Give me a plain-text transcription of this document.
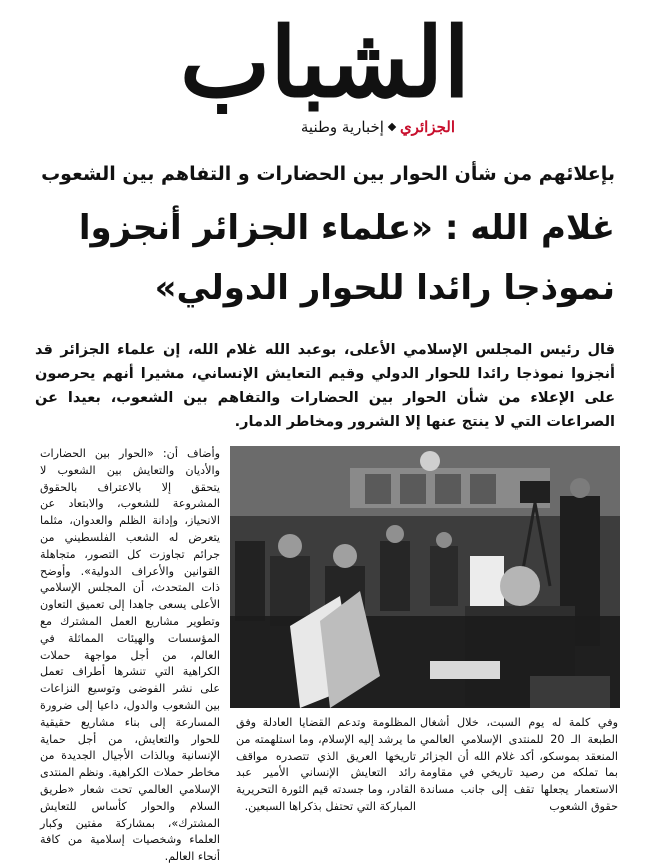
الشباب
الجزائريإخبارية وطنية
بإعلائهم من شأن الحوار بين الحضارات و التفاهم بين الشعوب
غلام الله : «علماء الجزائر أنجزوا
نموذجا رائدا للحوار الدولي»
قال رئيس المجلس الإسلامي الأعلى، بوعبد الله غلام الله، إن علماء الجزائر قد أنجزوا نموذجا رائدا للحوار الدولي وقيم التعايش الإنساني، مشيرا أنهم يحرصون على الإعلاء من شأن الحوار بين الحضارات والتفاهم بين الشعوب، بعيدا عن الصراعات التي لا ينتج عنها إلا الشرور ومخاطر الدمار.
وأضاف أن: «الحوار بين الحضارات والأديان والتعايش بين الشعوب لا يتحقق إلا بالاعتراف بالحقوق المشروعة للشعوب، والابتعاد عن الانحياز، وإدانة الظلم والعدوان، مثلما يتعرض له الشعب الفلسطيني من جرائم تجاوزت كل التصور، متجاهلة القوانين والأعراف الدولية». وأوضح ذات المتحدث، أن المجلس الإسلامي الأعلى يسعى جاهدا إلى تعميق التعاون وتطوير مشاريع العمل المشترك مع المؤسسات والهيئات المماثلة في العالم، من أجل مواجهة حملات الكراهية التي تنشرها أطراف تعمل على نشر الفوضى وتوسيع النزاعات بين الشعوب والدول، داعيا إلى ضرورة المسارعة إلى بناء مشاريع حقيقية للحوار والتعايش، من أجل حماية الإنسانية وبالذات الأجيال الجديدة من مخاطر حملات الكراهية. ونظم المنتدى الإسلامي العالمي تحت شعار «طريق السلام والحوار كأساس للتعايش المشترك»، بمشاركة مفتين وكبار العلماء وشخصيات إسلامية من كافة أنحاء العالم.
المظلومة وتدعم القضايا العادلة وفق ما يرشد إليه الإسلام، وما استلهمته من تاريخها العريق الذي تتصدره مواقف رائد التعايش الإنساني الأمير عبد القادر، وما جسدته قيم الثورة التحريرية المباركة التي تحتفل بذكراها السبعين.
وفي كلمة له يوم السبت، خلال أشغال الطبعة الـ 20 للمنتدى الإسلامي العالمي المنعقد بموسكو، أكد غلام الله أن الجزائر بما تملكه من رصيد تاريخي في مقاومة الاستعمار يجعلها تقف إلى جانب مساندة حقوق الشعوب
